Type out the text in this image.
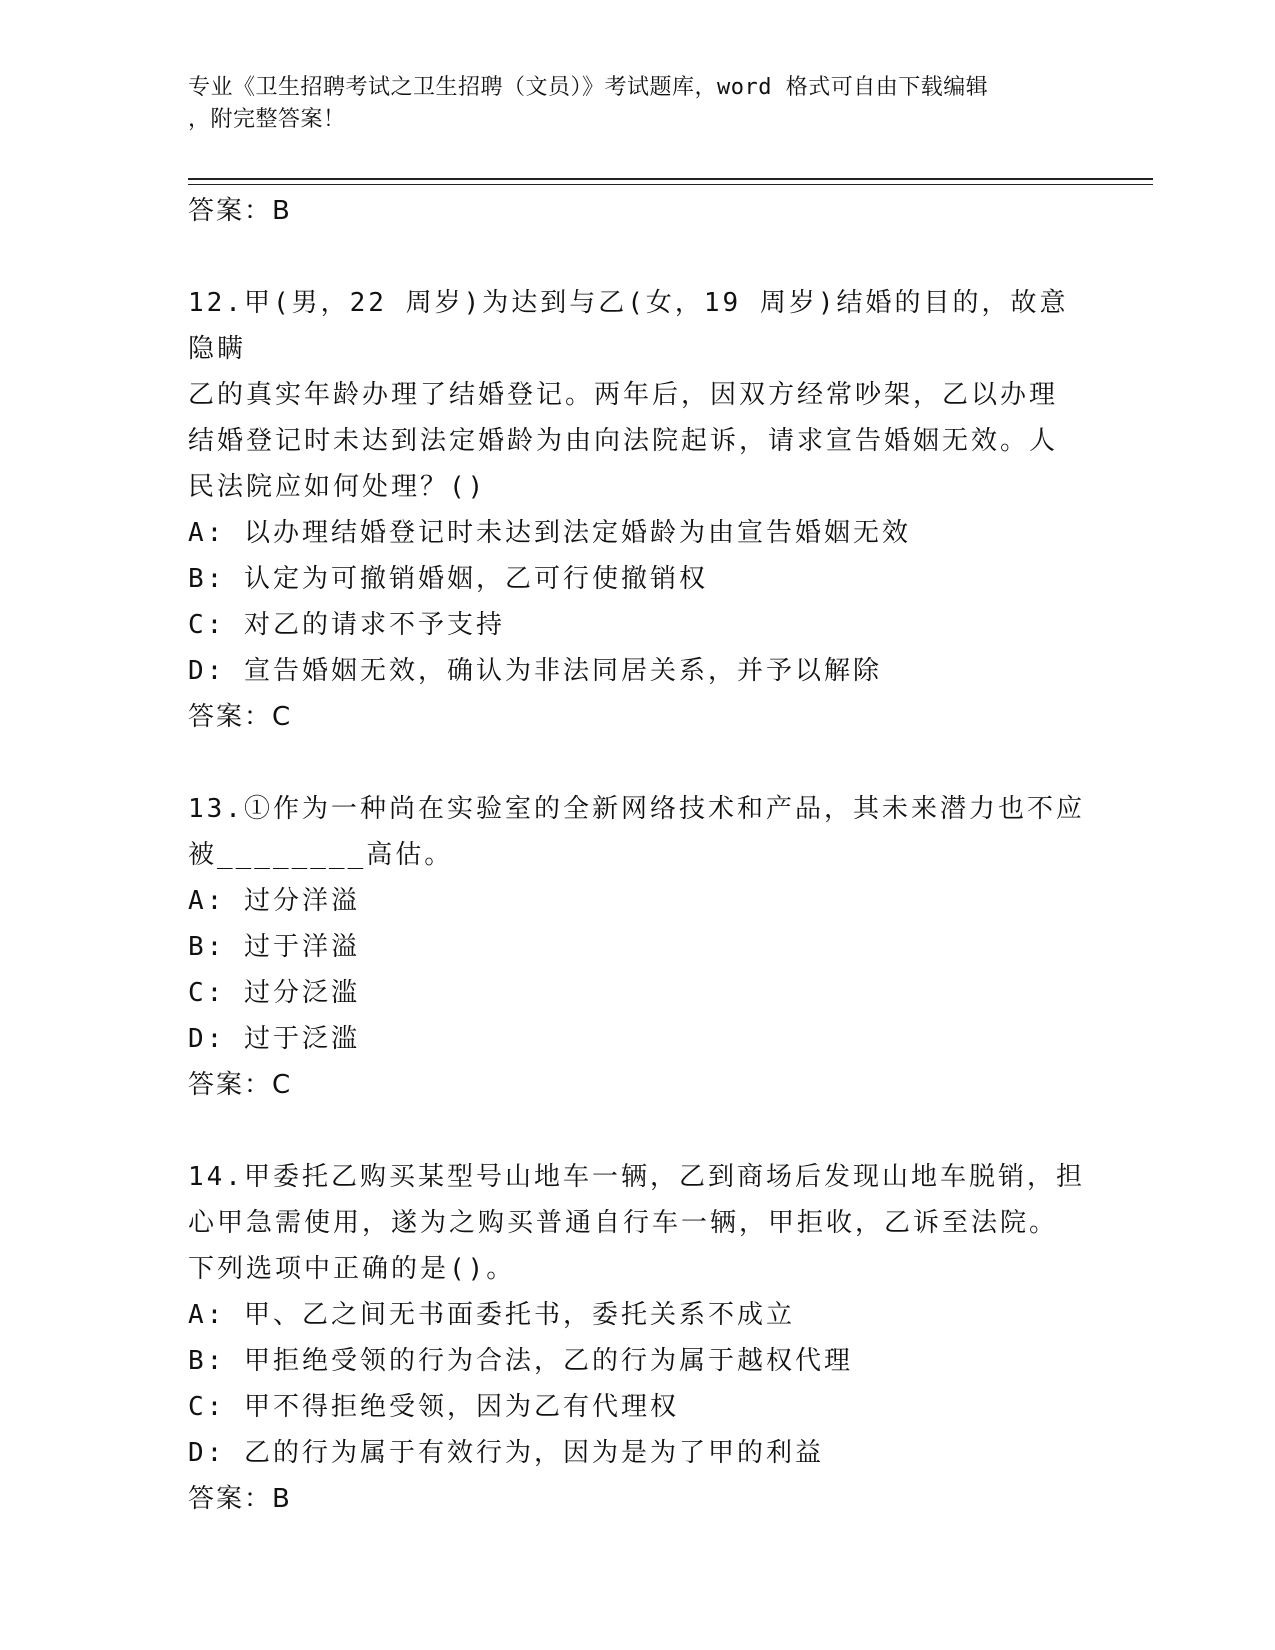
专业《卫生招聘考试之卫生招聘（文员）》考试题库，word 格式可自由下载编辑
，附完整答案！
答案：B
12.甲(男，22 周岁)为达到与乙(女，19 周岁)结婚的目的，故意隐瞒
乙的真实年龄办理了结婚登记。两年后，因双方经常吵架，乙以办理
结婚登记时未达到法定婚龄为由向法院起诉，请求宣告婚姻无效。人
民法院应如何处理？()
A: 以办理结婚登记时未达到法定婚龄为由宣告婚姻无效
B: 认定为可撤销婚姻，乙可行使撤销权
C: 对乙的请求不予支持
D: 宣告婚姻无效，确认为非法同居关系，并予以解除
答案：C
13.①作为一种尚在实验室的全新网络技术和产品，其未来潜力也不应
被________高估。
A: 过分洋溢
B: 过于洋溢
C: 过分泛滥
D: 过于泛滥
答案：C
14.甲委托乙购买某型号山地车一辆，乙到商场后发现山地车脱销，担
心甲急需使用，遂为之购买普通自行车一辆，甲拒收，乙诉至法院。
下列选项中正确的是()。
A: 甲、乙之间无书面委托书，委托关系不成立
B: 甲拒绝受领的行为合法，乙的行为属于越权代理
C: 甲不得拒绝受领，因为乙有代理权
D: 乙的行为属于有效行为，因为是为了甲的利益
答案：B
